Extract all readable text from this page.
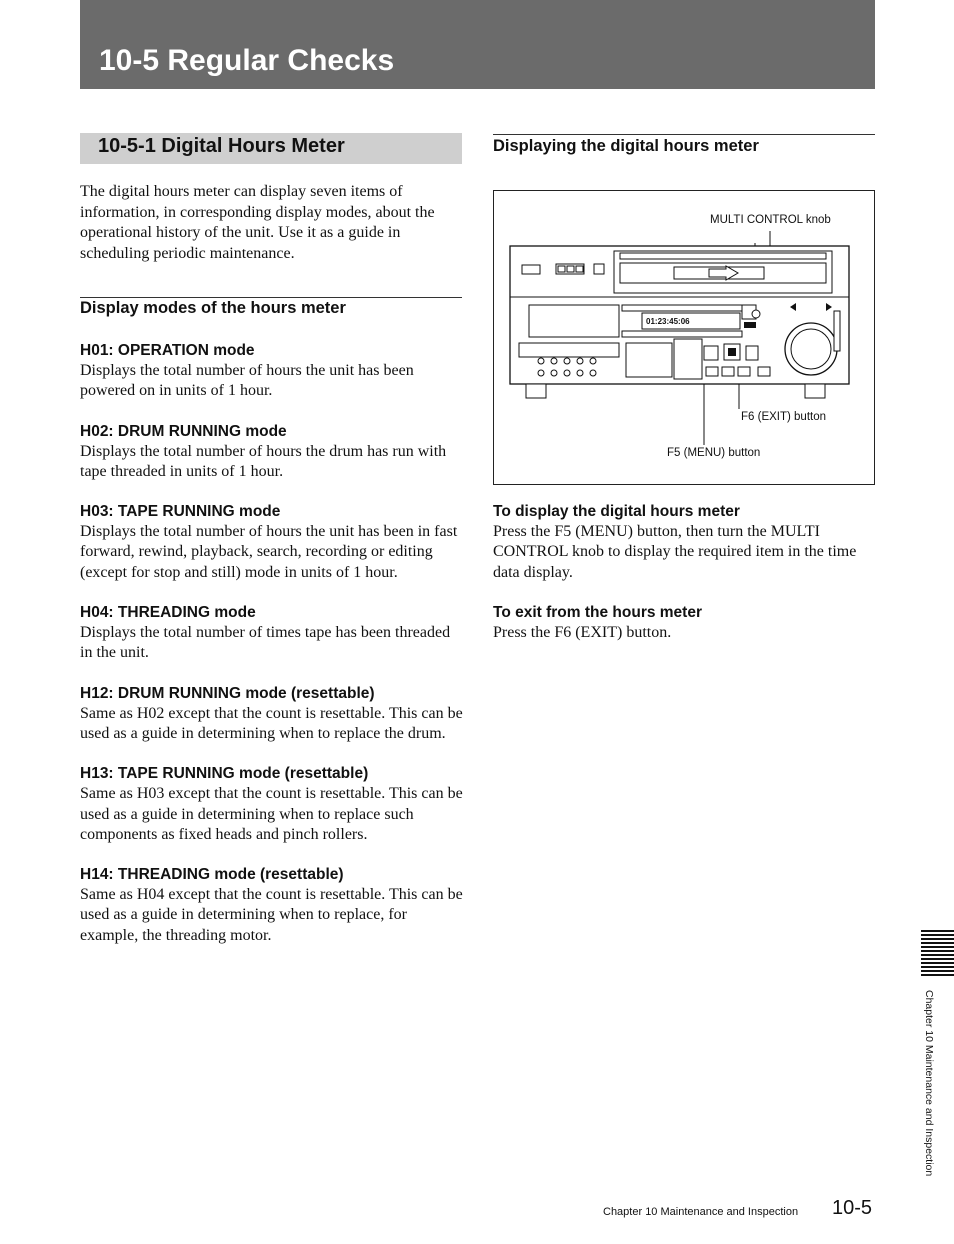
10-5 Regular Checks
10-5-1 Digital Hours Meter

The digital hours meter can display seven items of information, in corresponding display modes, about the operational history of the unit. Use it as a guide in scheduling periodic maintenance.

Display modes of the hours meter

H01: OPERATION mode

Displays the total number of hours the unit has been powered on in units of 1 hour.

H02: DRUM RUNNING mode

Displays the total number of hours the drum has run with tape threaded in units of 1 hour.

H03: TAPE RUNNING mode

Displays the total number of hours the unit has been in fast forward, rewind, playback, search, recording or editing (except for stop and still) mode in units of 1 hour.

H04: THREADING mode

Displays the total number of times tape has been threaded in the unit.

H12: DRUM RUNNING mode (resettable)

Same as H02 except that the count is resettable. This can be used as a guide in determining when to replace the drum.

H13: TAPE RUNNING mode (resettable)

Same as H03 except that the count is resettable. This can be used as a guide in determining when to replace such components as fixed heads and pinch rollers.

H14: THREADING mode (resettable)

Same as H04 except that the count is resettable. This can be used as a guide in determining when to replace, for example, the threading motor.

Displaying the digital hours meter
MULTI CONTROL knob
F6 (EXIT) button
F5 (MENU) button
01:23:45:06

To display the digital hours meter

Press the F5 (MENU) button, then turn the MULTI CONTROL knob to display the required item in the time data display.

To exit from the hours meter

Press the F6 (EXIT) button.

Chapter 10 Maintenance and Inspection
Chapter 10 Maintenance and Inspection 10-5
